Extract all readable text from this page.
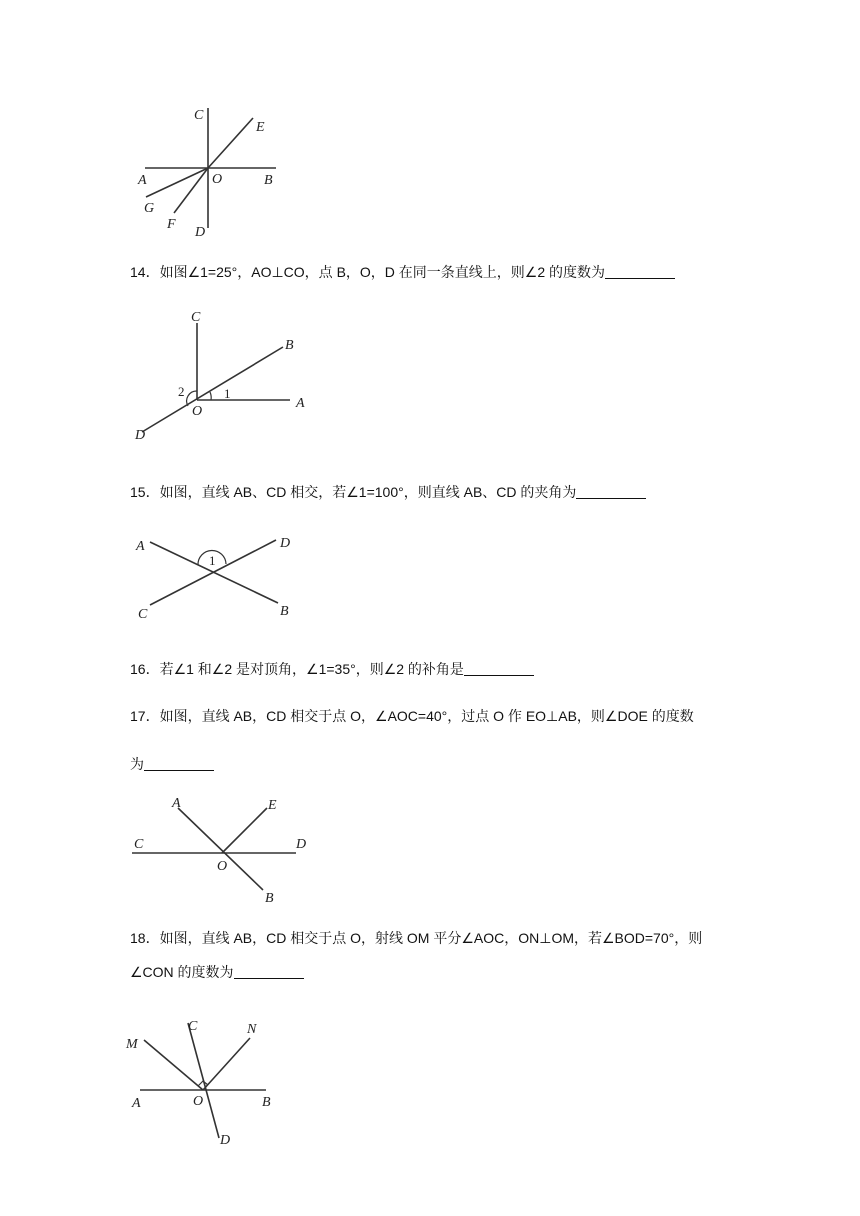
C
E
A	O	B
G
F
D
14．如图∠1=25°，AO⊥CO，点 B，O，D 在同一条直线上，则∠2 的度数为
C
B
2	1
O
A
D
15．如图，直线 AB、CD 相交，若∠1=100°，则直线 AB、CD 的夹角为
A	D
1
C	B
16．若∠1 和∠2 是对顶角，∠1=35°，则∠2 的补角是
17．如图，直线 AB，CD 相交于点 O，∠AOC=40°，过点 O 作 EO⊥AB，则∠DOE 的度数
为
A	E
C	D
O
B
18．如图，直线 AB，CD 相交于点 O，射线 OM 平分∠AOC，ON⊥OM，若∠BOD=70°，则
∠CON 的度数为
M
C	N
A	O	B
D
